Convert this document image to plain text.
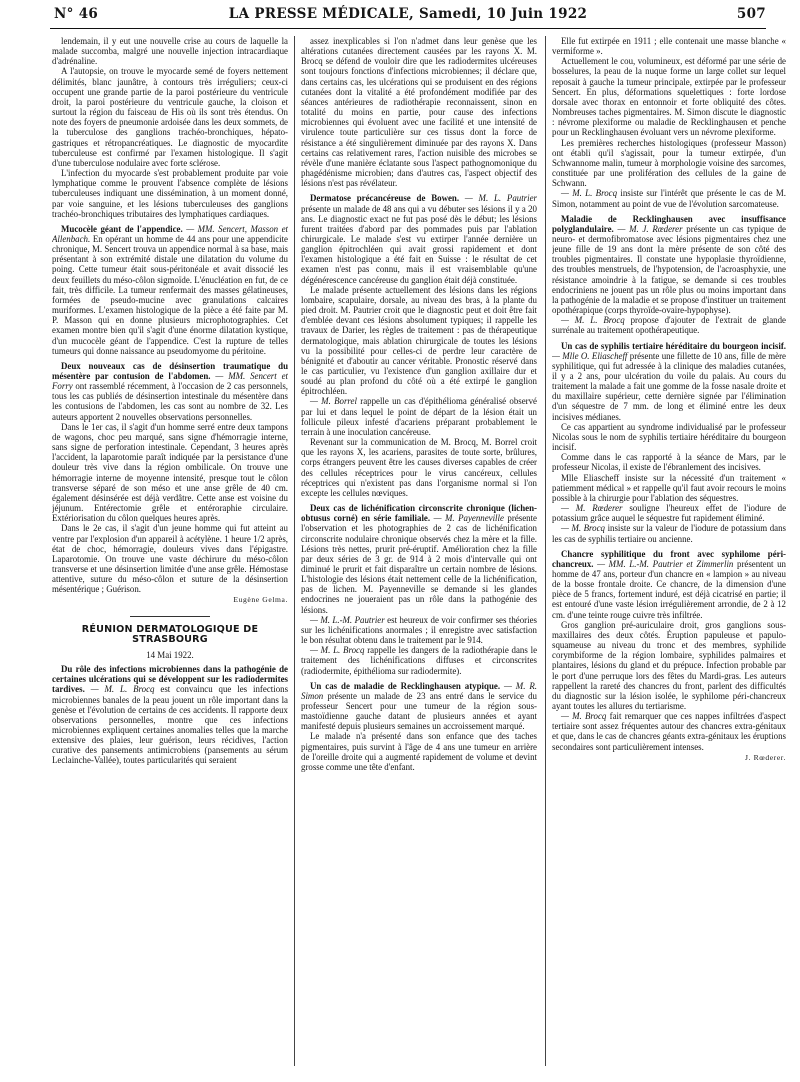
N° 46	LA PRESSE MÉDICALE, Samedi, 10 Juin 1922	507

lendemain, il y eut une nouvelle crise au cours de laquelle la malade succomba, malgré une nouvelle injection intracardiaque d'adrénaline.

A l'autopsie, on trouve le myocarde semé de foyers nettement délimités, blanc jaunâtre, à contours très irréguliers; ceux-ci occupent une grande partie de la paroi postérieure du ventricule droit, la paroi postérieure du ventricule gauche, la cloison et surtout la région du faisceau de His où ils sont très étendus. On note des foyers de pneumonie ardoisée dans les deux sommets, de la tuberculose des ganglions trachéo-bronchiques, hépato-gastriques et rétropancréatiques. Le diagnostic de myocardite tuberculeuse est confirmé par l'examen histologique. Il s'agit d'une tuberculose nodulaire avec forte sclérose.

L'infection du myocarde s'est probablement produite par voie lymphatique comme le prouvent l'absence complète de lésions tuberculeuses indiquant une dissémination, à un moment donné, par voie sanguine, et les lésions tuberculeuses des ganglions trachéo-bronchiques tributaires des lymphatiques cardiaques.

Mucocèle géant de l'appendice. — MM. Sencert, Masson et Allenbach. En opérant un homme de 44 ans pour une appendicite chronique, M. Sencert trouva un appendice normal à sa base, mais présentant à son extrémité distale une dilatation du volume du poing. Cette tumeur était sous-péritonéale et avait dissocié les deux feuillets du méso-côlon sigmoïde. L'énucléation en fut, de ce fait, très difficile. La tumeur renfermait des masses gélatineuses, formées de pseudo-mucine avec granulations calcaires muriformes. L'examen histologique de la pièce a été faite par M. P. Masson qui en donne plusieurs microphotographies. Cet examen montre bien qu'il s'agit d'une énorme dilatation kystique, d'un mucocèle géant de l'appendice. C'est la rupture de telles tumeurs qui donne naissance au pseudomyome du péritoine.

Deux nouveaux cas de désinsertion traumatique du mésentère par contusion de l'abdomen. — MM. Sencert et Forry ont rassemblé récemment, à l'occasion de 2 cas personnels, tous les cas publiés de désinsertion intestinale du mésentère dans les contusions de l'abdomen, les cas sont au nombre de 32. Les auteurs apportent 2 nouvelles observations personnelles.

Dans le 1er cas, il s'agit d'un homme serré entre deux tampons de wagons, choc peu marqué, sans signe d'hémorragie interne, sans signe de perforation intestinale. Cependant, 3 heures après l'accident, la laparotomie paraît indiquée par la persistance d'une douleur très vive dans la région ombilicale. On trouve une hémorragie interne de moyenne intensité, presque tout le côlon transverse séparé de son méso et une anse grêle de 40 cm. également désinsérée est déjà verdâtre. Cette anse est voisine du jéjunum. Entérectomie grêle et entéroraphie circulaire. Extériorisation du côlon quelques heures après.

Dans le 2e cas, il s'agit d'un jeune homme qui fut atteint au ventre par l'explosion d'un appareil à acétylène. 1 heure 1/2 après, état de choc, hémorragie, douleurs vives dans l'épigastre. Laparotomie. On trouve une vaste déchirure du méso-côlon transverse et une désinsertion limitée d'une anse grêle. Hémostase attentive, suture du méso-côlon et suture de la désinsertion mésentérique ; Guérison.

Eugène Gelma.

RÉUNION DERMATOLOGIQUE DE STRASBOURG

14 Mai 1922.

Du rôle des infections microbiennes dans la pathogénie de certaines ulcérations qui se développent sur les radiodermites tardives. — M. L. Brocq est convaincu que les infections microbiennes banales de la peau jouent un rôle important dans la genèse et l'évolution de certains de ces accidents. Il rapporte deux observations personnelles, montre que ces infections microbiennes expliquent certaines anomalies telles que la marche extensive des plaies, leur guérison, leurs récidives, l'action curative des pansements antimicrobiens (pansements au sérum Leclainche-Vallée), toutes particularités qui seraient

assez inexplicables si l'on n'admet dans leur genèse que les altérations cutanées directement causées par les rayons X. M. Brocq se défend de vouloir dire que les radiodermites ulcéreuses sont toujours fonctions d'infections microbiennes; il déclare que, dans certains cas, les ulcérations qui se produisent en des régions cutanées dont la vitalité a été profondément modifiée par des séances antérieures de radiothérapie reconnaissent, sinon en totalité du moins en partie, pour cause des infections microbiennes qui évoluent avec une facilité et une intensité de virulence toute particulière sur ces tissus dont la force de résistance a été singulièrement diminuée par des rayons X. Dans certains cas relativement rares, l'action nuisible des microbes se révèle d'une manière éclatante sous l'aspect pathognomonique du phagédénisme microbien; dans d'autres cas, l'aspect objectif des lésions n'est pas révélateur.

Dermatose précancéreuse de Bowen. — M. L. Pautrier présente un malade de 48 ans qui a vu débuter ses lésions il y a 20 ans. Le diagnostic exact ne fut pas posé dès le début; les lésions furent traitées d'abord par des pommades puis par l'ablation chirurgicale. Le malade s'est vu extirper l'année dernière un ganglion épitrochléen qui avait grossi rapidement et dont l'examen histologique a été fait en Suisse : le résultat de cet examen n'est pas connu, mais il est vraisemblable qu'une dégénérescence cancéreuse du ganglion était déjà constituée.

Le malade présente actuellement des lésions dans les régions lombaire, scapulaire, dorsale, au niveau des bras, à la plante du pied droit. M. Pautrier croit que le diagnostic peut et doit être fait d'emblée devant ces lésions absolument typiques; il rappelle les travaux de Darier, les règles de traitement : pas de thérapeutique dermatologique, mais ablation chirurgicale de toutes les lésions vu la possibilité pour celles-ci de perdre leur caractère de bénignité et d'aboutir au cancer véritable. Pronostic réservé dans le cas particulier, vu l'existence d'un ganglion axillaire dur et soudé au plan profond du côté où a été extirpé le ganglion épitrochléen.

— M. Borrel rappelle un cas d'épithélioma généralisé observé par lui et dans lequel le point de départ de la lésion était un follicule pileux infesté d'acariens préparant probablement le terrain à une inoculation cancéreuse.

Revenant sur la communication de M. Brocq, M. Borrel croit que les rayons X, les acariens, parasites de toute sorte, brûlures, corps étrangers peuvent être les causes diverses capables de créer des cellules réceptrices pour le virus cancéreux, cellules réceptrices qui n'existent pas dans l'organisme normal si l'on excepte les cellules nœviques.

Deux cas de lichénification circonscrite chronique (lichen-obtusus corné) en série familiale. — M. Payenneville présente l'observation et les photographies de 2 cas de lichénification circonscrite nodulaire chronique observés chez la mère et la fille. Lésions très nettes, prurit pré-éruptif. Amélioration chez la fille par deux séries de 3 gr. de 914 à 2 mois d'intervalle qui ont diminué le prurit et fait disparaître un certain nombre de lésions. L'histologie des lésions était nettement celle de la lichénification, pas de lichen. M. Payenneville se demande si les glandes endocrines ne joueraient pas un rôle dans la pathogénie des lésions.

— M. L.-M. Pautrier est heureux de voir confirmer ses théories sur les lichénifications anormales ; il enregistre avec satisfaction le bon résultat obtenu dans le traitement par le 914.

— M. L. Brocq rappelle les dangers de la radiothérapie dans le traitement des lichénifications diffuses et circonscrites (radiodermite, épithélioma sur radiodermite).

Un cas de maladie de Recklinghausen atypique. — M. R. Simon présente un malade de 23 ans entré dans le service du professeur Sencert pour une tumeur de la région sous-mastoïdienne gauche datant de plusieurs années et ayant manifesté depuis plusieurs semaines un accroissement marqué.

Le malade n'a présenté dans son enfance que des taches pigmentaires, puis survint à l'âge de 4 ans une tumeur en arrière de l'oreille droite qui a augmenté rapidement de volume et devint grosse comme une tête d'enfant.

Elle fut extirpée en 1911 ; elle contenait une masse blanche « vermiforme ».

Actuellement le cou, volumineux, est déformé par une série de bosselures, la peau de la nuque forme un large collet sur lequel reposait à gauche la tumeur principale, extirpée par le professeur Sencert. En plus, déformations squelettiques : forte lordose dorsale avec thorax en entonnoir et forte obliquité des côtes. Nombreuses taches pigmentaires. M. Simon discute le diagnostic : névrome plexiforme ou maladie de Recklinghausen et penche pour un Recklinghausen évoluant vers un névrome plexiforme.

Les premières recherches histologiques (professeur Masson) ont établi qu'il s'agissait, pour la tumeur extirpée, d'un Schwannome malin, tumeur à morphologie voisine des sarcomes, constituée par une prolifération des cellules de la gaine de Schwann.

— M. L. Brocq insiste sur l'intérêt que présente le cas de M. Simon, notamment au point de vue de l'évolution sarcomateuse.

Maladie de Recklinghausen avec insuffisance polyglandulaire. — M. J. Rœderer présente un cas typique de neuro- et dermofibromatose avec lésions pigmentaires chez une jeune fille de 19 ans dont la mère présente de son côté des troubles pigmentaires. Il constate une hypoplasie thyroïdienne, des troubles menstruels, de l'hypotension, de l'acroasphyxie, une résistance amoindrie à la fatigue, se demande si ces troubles endocriniens ne jouent pas un rôle plus ou moins important dans la pathogénie de la maladie et se propose d'instituer un traitement opothérapique (corps thyroïde-ovaire-hypophyse).

— M. L. Brocq propose d'ajouter de l'extrait de glande surrénale au traitement opothérapeutique.

Un cas de syphilis tertiaire héréditaire du bourgeon incisif. — Mlle O. Eliascheff présente une fillette de 10 ans, fille de mère syphilitique, qui fut adressée à la clinique des maladies cutanées, il y a 2 ans, pour ulcération du voile du palais. Au cours du traitement la malade a fait une gomme de la fosse nasale droite et du maxillaire supérieur, cette dernière signée par l'élimination d'un séquestre de 7 mm. de long et éliminé entre les deux incisives médianes.

Ce cas appartient au syndrome individualisé par le professeur Nicolas sous le nom de syphilis tertiaire héréditaire du bourgeon incisif.

Comme dans le cas rapporté à la séance de Mars, par le professeur Nicolas, il existe de l'ébranlement des incisives.

Mlle Eliascheff insiste sur la nécessité d'un traitement « patiemment médical » et rappelle qu'il faut avoir recours le moins possible à la chirurgie pour l'ablation des séquestres.

— M. Rœderer souligne l'heureux effet de l'iodure de potassium grâce auquel le séquestre fut rapidement éliminé.

— M. Brocq insiste sur la valeur de l'iodure de potassium dans les cas de syphilis tertiaire ou ancienne.

Chancre syphilitique du front avec syphilome péri-chancreux. — MM. L.-M. Pautrier et Zimmerlin présentent un homme de 47 ans, porteur d'un chancre en « lampion » au niveau de la bosse frontale droite. Ce chancre, de la dimension d'une pièce de 5 francs, fortement induré, est déjà cicatrisé en partie; il est entouré d'une vaste lésion irrégulièrement arrondie, de 2 à 12 cm. d'une teinte rouge cuivre très infiltrée.

Gros ganglion pré-auriculaire droit, gros ganglions sous-maxillaires des deux côtés. Éruption papuleuse et papulo-squameuse au niveau du tronc et des membres, syphilide corymbiforme de la région lombaire, syphilides palmaires et plantaires, lésions du gland et du prépuce. Infection probable par le port d'une perruque lors des fêtes du Mardi-gras. Les auteurs rappellent la rareté des chancres du front, parlent des difficultés du diagnostic sur la lésion isolée, le syphilome péri-chancreux ayant toutes les allures du tertiarisme.

— M. Brocq fait remarquer que ces nappes infiltrées d'aspect tertiaire sont assez fréquentes autour des chancres extra-génitaux et que, dans le cas de chancres géants extra-génitaux les éruptions secondaires sont particulièrement intenses.

J. Rœderer.
